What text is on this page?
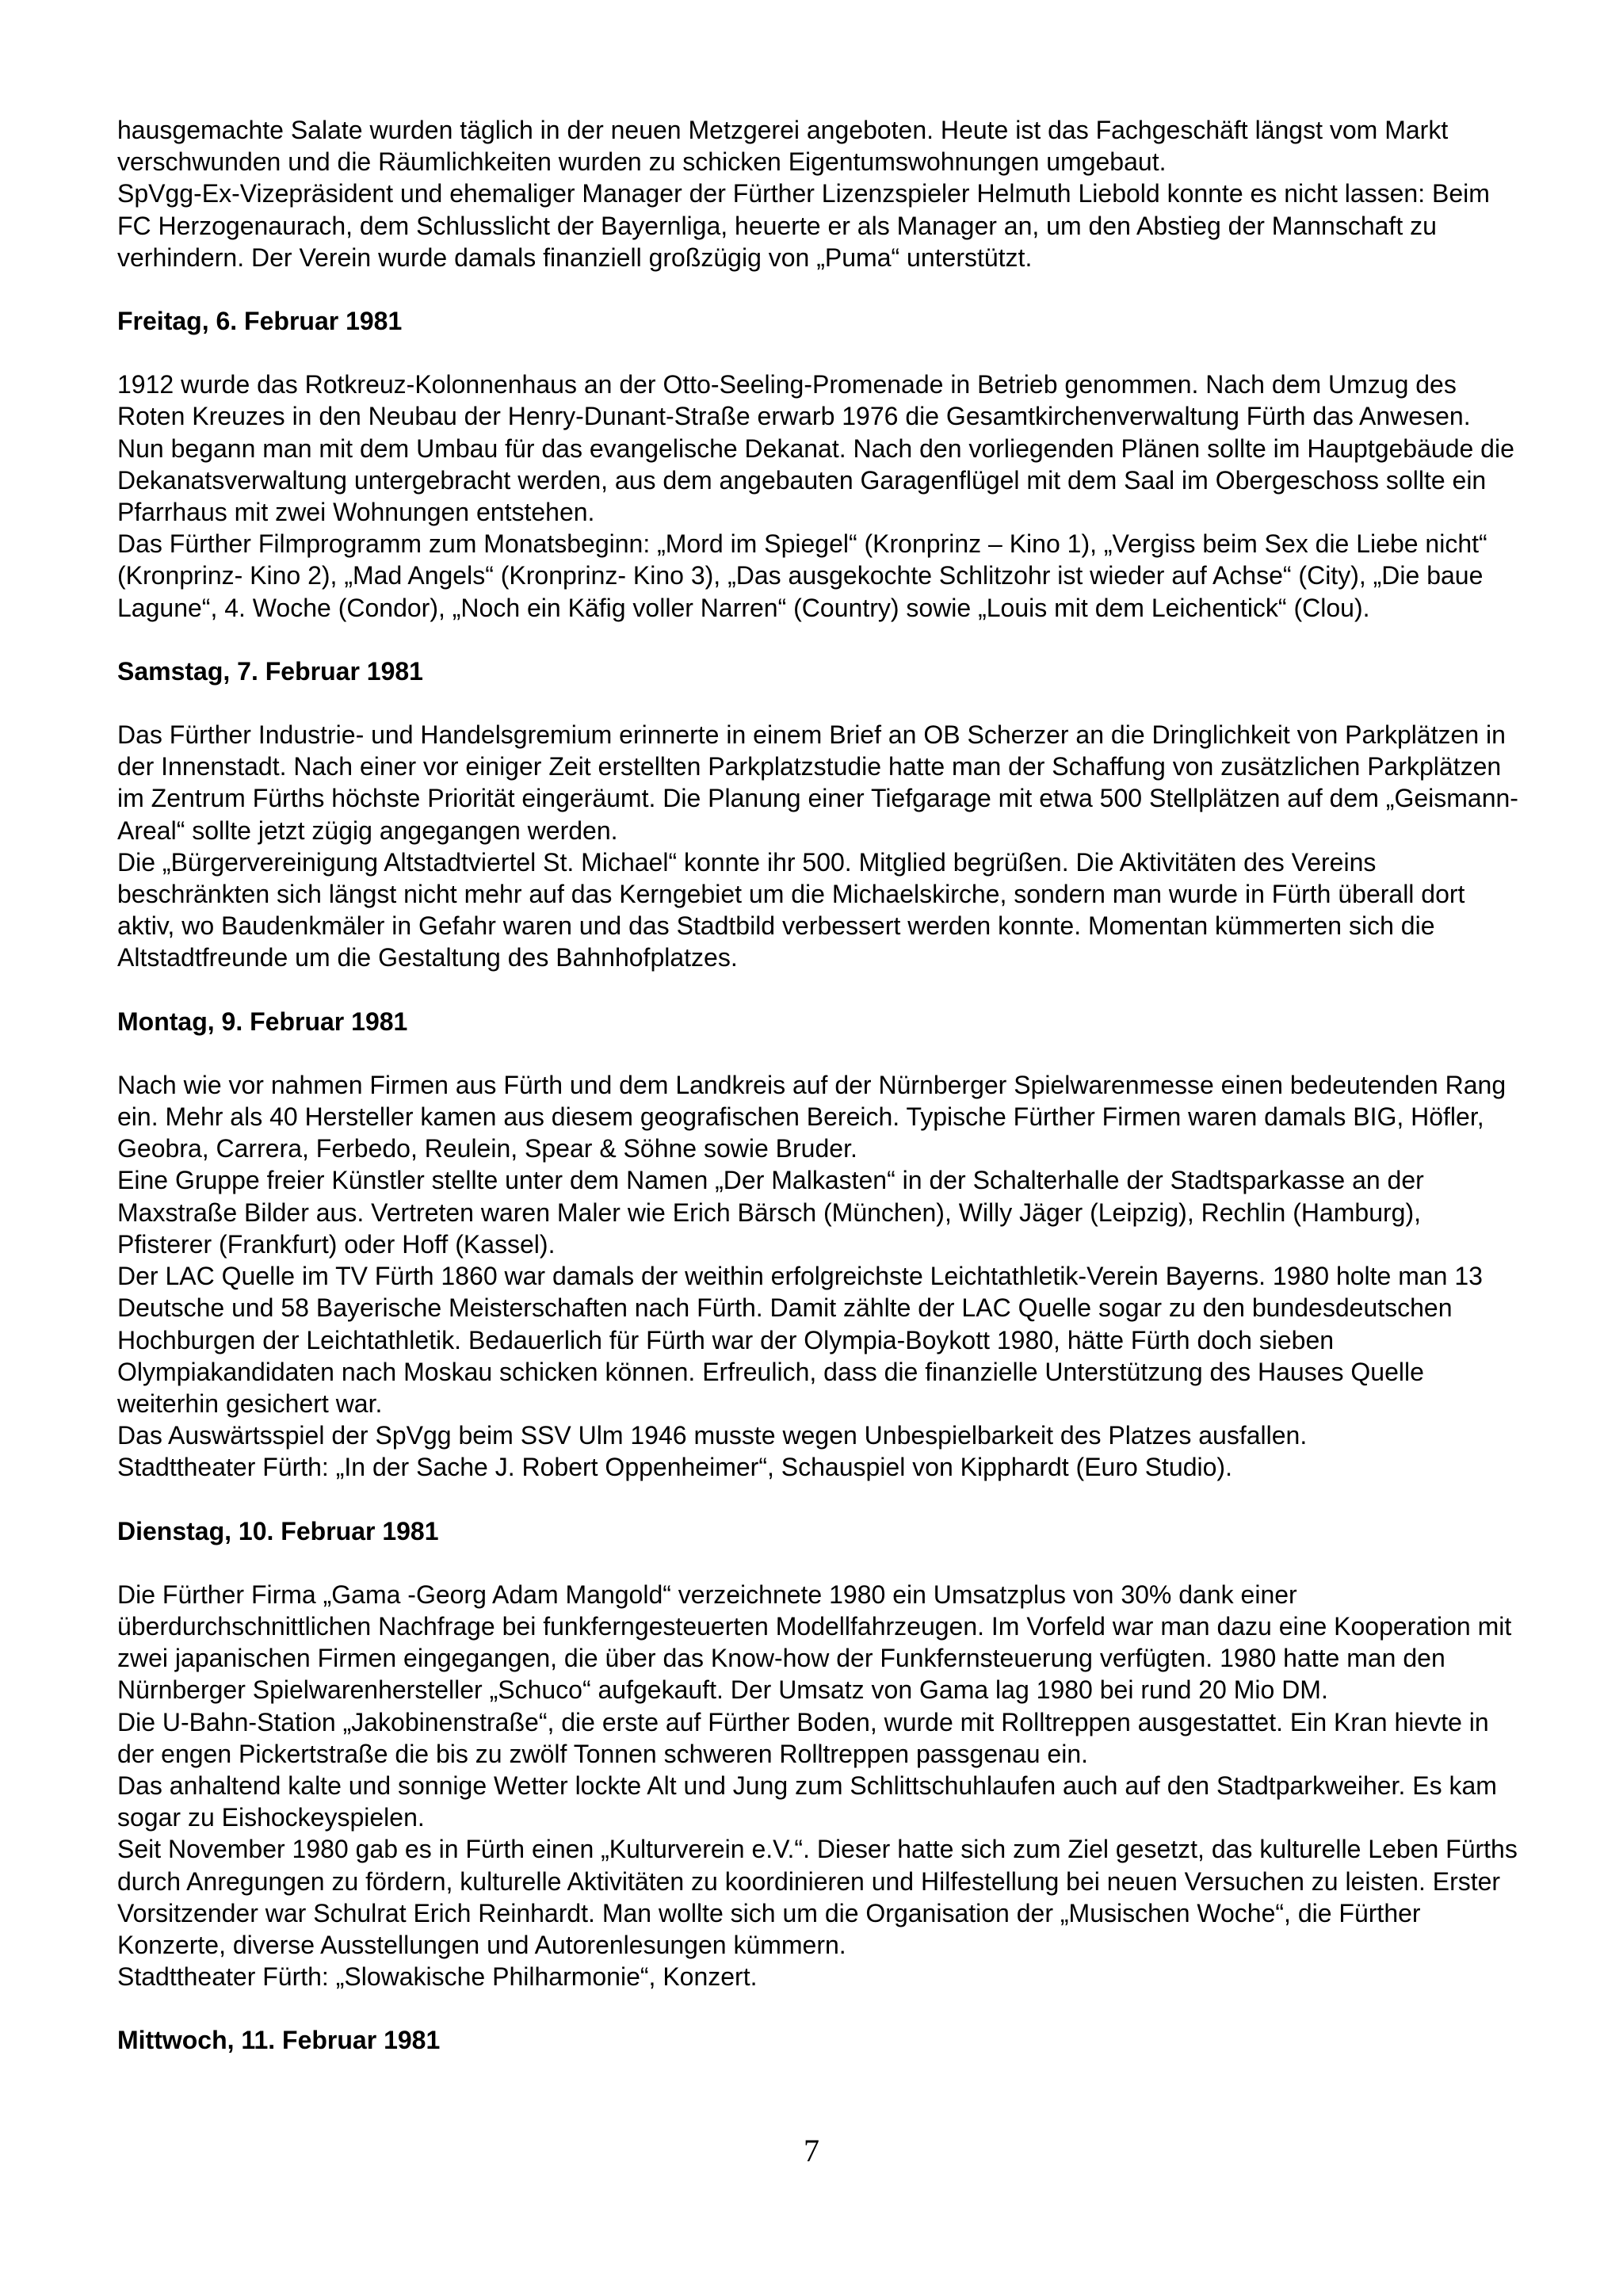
hausgemachte Salate wurden täglich in der neuen Metzgerei angeboten. Heute ist das Fachgeschäft längst vom Markt verschwunden und die Räumlichkeiten wurden zu schicken Eigentumswohnungen umgebaut.

SpVgg-Ex-Vizepräsident und ehemaliger Manager der Fürther Lizenzspieler Helmuth Liebold konnte es nicht lassen: Beim FC Herzogenaurach, dem Schlusslicht der Bayernliga, heuerte er als Manager an, um den Abstieg der Mannschaft zu verhindern. Der Verein wurde damals finanziell großzügig von „Puma“ unterstützt.

Freitag, 6. Februar 1981

1912 wurde das Rotkreuz-Kolonnenhaus an der Otto-Seeling-Promenade in Betrieb genommen. Nach dem Umzug des Roten Kreuzes in den Neubau der Henry-Dunant-Straße erwarb 1976 die Gesamtkirchenverwaltung Fürth das Anwesen. Nun begann man mit dem Umbau für das evangelische Dekanat. Nach den vorliegenden Plänen sollte im Hauptgebäude die Dekanatsverwaltung untergebracht werden, aus dem angebauten Garagenflügel mit dem Saal im Obergeschoss sollte ein Pfarrhaus mit zwei Wohnungen entstehen.

Das Fürther Filmprogramm zum Monatsbeginn: „Mord im Spiegel“ (Kronprinz – Kino 1), „Vergiss beim Sex die Liebe nicht“ (Kronprinz- Kino 2), „Mad Angels“ (Kronprinz- Kino 3), „Das ausgekochte Schlitzohr ist wieder auf Achse“ (City), „Die baue Lagune“, 4. Woche (Condor), „Noch ein Käfig voller Narren“ (Country) sowie „Louis mit dem Leichentick“ (Clou).

Samstag, 7. Februar 1981

Das Fürther Industrie- und Handelsgremium erinnerte in einem Brief an OB Scherzer an die Dringlichkeit von Parkplätzen in der Innenstadt. Nach einer vor einiger Zeit erstellten Parkplatzstudie hatte man der Schaffung von zusätzlichen Parkplätzen im Zentrum Fürths höchste Priorität eingeräumt. Die Planung einer Tiefgarage mit etwa 500 Stellplätzen auf dem „Geismann-Areal“ sollte jetzt zügig angegangen werden.

Die „Bürgervereinigung Altstadtviertel St. Michael“ konnte ihr 500. Mitglied begrüßen. Die Aktivitäten des Vereins beschränkten sich längst nicht mehr auf das Kerngebiet um die Michaelskirche, sondern man wurde in Fürth überall dort aktiv, wo Baudenkmäler in Gefahr waren und das Stadtbild verbessert werden konnte. Momentan kümmerten sich die Altstadtfreunde um die Gestaltung des Bahnhofplatzes.

Montag, 9. Februar 1981

Nach wie vor nahmen Firmen aus Fürth und dem Landkreis auf der Nürnberger Spielwarenmesse einen bedeutenden Rang ein. Mehr als 40 Hersteller kamen aus diesem geografischen Bereich. Typische Fürther Firmen waren damals BIG, Höfler, Geobra, Carrera, Ferbedo, Reulein, Spear & Söhne sowie Bruder.

Eine Gruppe freier Künstler stellte unter dem Namen „Der Malkasten“ in der Schalterhalle der Stadtsparkasse an der Maxstraße Bilder aus. Vertreten waren Maler wie Erich Bärsch (München), Willy Jäger (Leipzig), Rechlin (Hamburg), Pfisterer (Frankfurt) oder Hoff (Kassel).

Der LAC Quelle im TV Fürth 1860 war damals der weithin erfolgreichste Leichtathletik-Verein Bayerns. 1980 holte man 13 Deutsche und 58 Bayerische Meisterschaften nach Fürth. Damit zählte der LAC Quelle sogar zu den bundesdeutschen Hochburgen der Leichtathletik. Bedauerlich für Fürth war der Olympia-Boykott 1980, hätte Fürth doch sieben Olympiakandidaten nach Moskau schicken können. Erfreulich, dass die finanzielle Unterstützung des Hauses Quelle weiterhin gesichert war.

Das Auswärtsspiel der SpVgg beim SSV Ulm 1946 musste wegen Unbespielbarkeit des Platzes ausfallen.

Stadttheater Fürth: „In der Sache J. Robert Oppenheimer“, Schauspiel von Kipphardt (Euro Studio).

Dienstag, 10. Februar 1981

Die Fürther Firma „Gama -Georg Adam Mangold“ verzeichnete 1980 ein Umsatzplus von 30% dank einer überdurchschnittlichen Nachfrage bei funkferngesteuerten Modellfahrzeugen. Im Vorfeld war man dazu eine Kooperation mit zwei japanischen Firmen eingegangen, die über das Know-how der Funkfernsteuerung verfügten. 1980 hatte man den Nürnberger Spielwarenhersteller „Schuco“ aufgekauft. Der Umsatz von Gama lag 1980 bei rund 20 Mio DM.

Die U-Bahn-Station „Jakobinenstraße“, die erste auf Fürther Boden, wurde mit Rolltreppen ausgestattet. Ein Kran hievte in der engen Pickertstraße die bis zu zwölf Tonnen schweren Rolltreppen passgenau ein.

Das anhaltend kalte und sonnige Wetter lockte Alt und Jung zum Schlittschuhlaufen auch auf den Stadtparkweiher. Es kam sogar zu Eishockeyspielen.

Seit November 1980 gab es in Fürth einen „Kulturverein e.V.“. Dieser hatte sich zum Ziel gesetzt, das kulturelle Leben Fürths durch Anregungen zu fördern, kulturelle Aktivitäten zu koordinieren und Hilfestellung bei neuen Versuchen zu leisten. Erster Vorsitzender war Schulrat Erich Reinhardt. Man wollte sich um die Organisation der „Musischen Woche“, die Fürther Konzerte, diverse Ausstellungen und Autorenlesungen kümmern.

Stadttheater Fürth: „Slowakische Philharmonie“, Konzert.

Mittwoch, 11. Februar 1981
7
